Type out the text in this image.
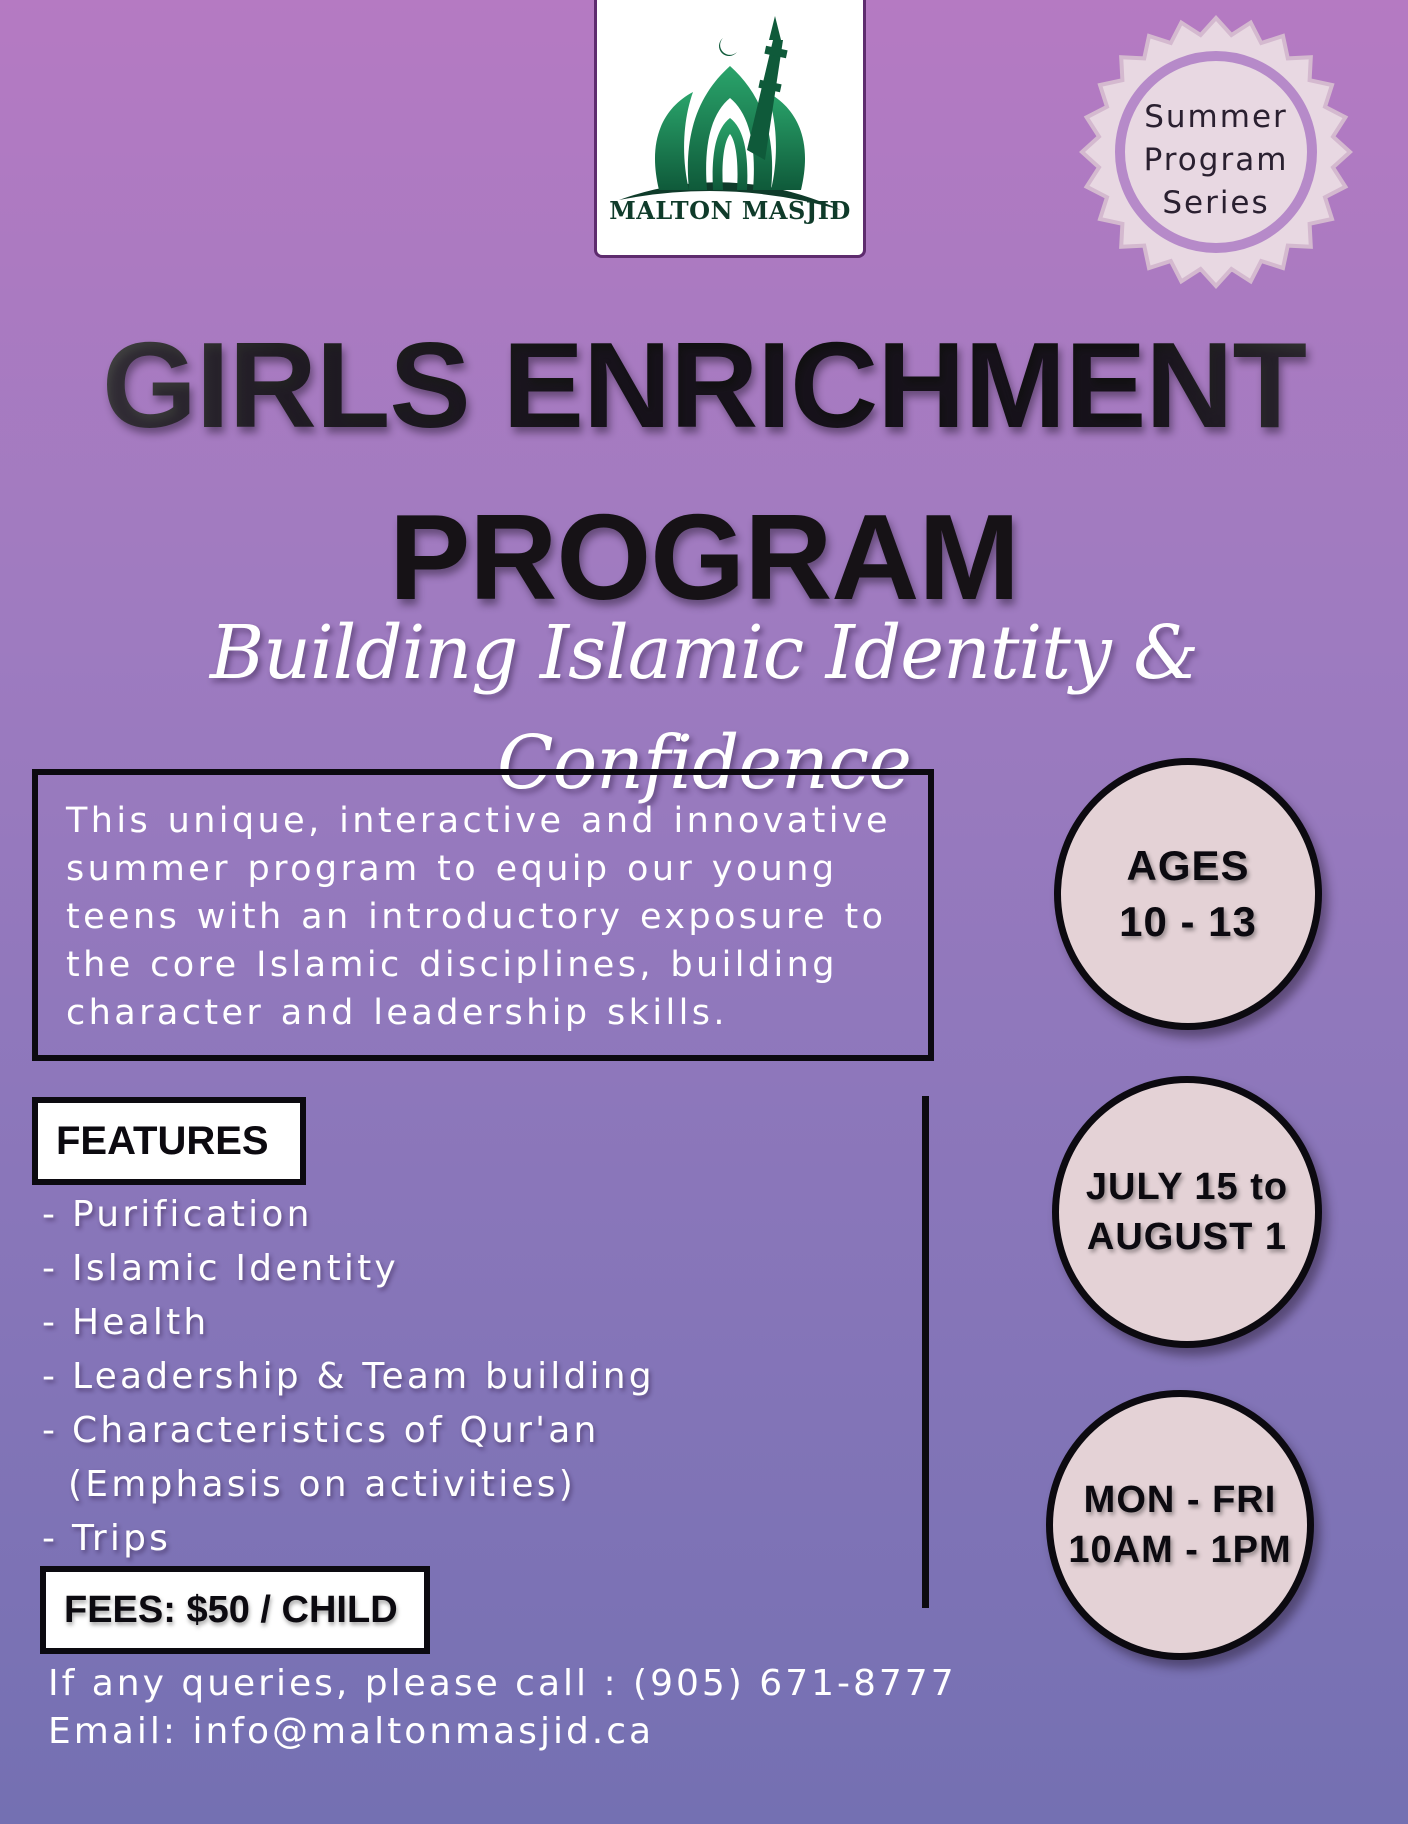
MALTON MASJID
Summer
Program
Series
GIRLS ENRICHMENT
PROGRAM
Building Islamic Identity & Confidence

This unique, interactive and innovative summer program to equip our young teens with an introductory exposure to the core Islamic disciplines, building character and leadership skills.

FEATURES
- Purification
- Islamic Identity
- Health
- Leadership & Team building
- Characteristics of Qur'an
(Emphasis on activities)
- Trips
FEES: $50 / CHILD
If any queries, please call : (905) 671-8777
Email: info@maltonmasjid.ca
AGES
10 - 13
JULY 15 to
AUGUST 1
MON - FRI
10AM - 1PM
